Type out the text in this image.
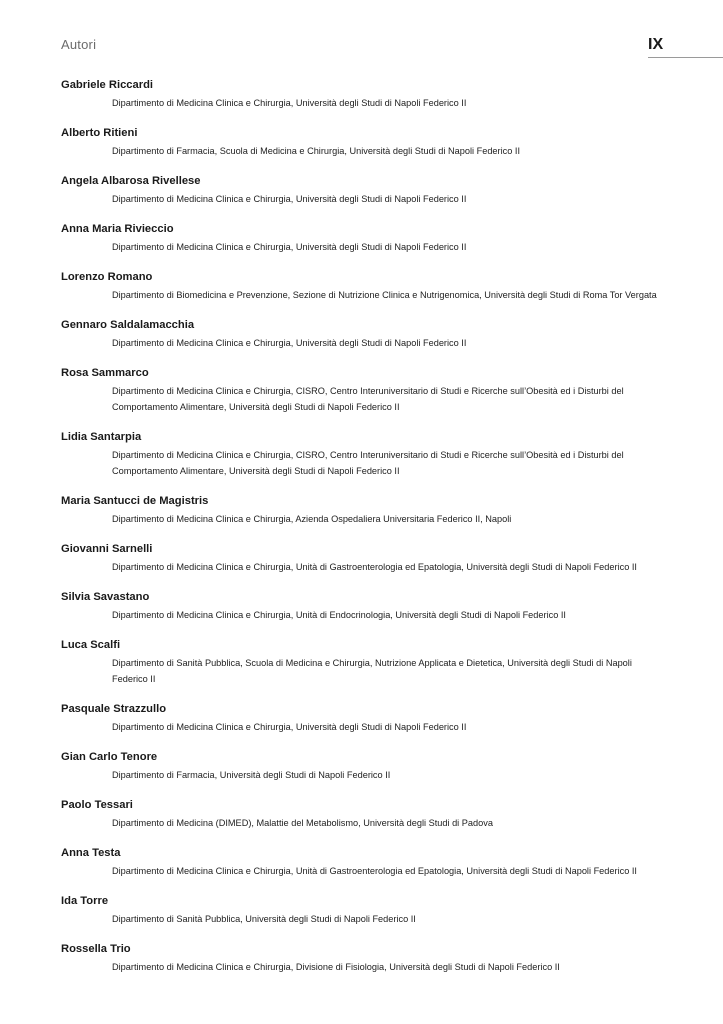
Autori	IX
Gabriele Riccardi
Dipartimento di Medicina Clinica e Chirurgia, Università degli Studi di Napoli Federico II
Alberto Ritieni
Dipartimento di Farmacia, Scuola di Medicina e Chirurgia, Università degli Studi di Napoli Federico II
Angela Albarosa Rivellese
Dipartimento di Medicina Clinica e Chirurgia, Università degli Studi di Napoli Federico II
Anna Maria Rivieccio
Dipartimento di Medicina Clinica e Chirurgia, Università degli Studi di Napoli Federico II
Lorenzo Romano
Dipartimento di Biomedicina e Prevenzione, Sezione di Nutrizione Clinica e Nutrigenomica, Università degli Studi di Roma Tor Vergata
Gennaro Saldalamacchia
Dipartimento di Medicina Clinica e Chirurgia, Università degli Studi di Napoli Federico II
Rosa Sammarco
Dipartimento di Medicina Clinica e Chirurgia, CISRO, Centro Interuniversitario di Studi e Ricerche sull’Obesità ed i Disturbi del Comportamento Alimentare, Università degli Studi di Napoli Federico II
Lidia Santarpia
Dipartimento di Medicina Clinica e Chirurgia, CISRO, Centro Interuniversitario di Studi e Ricerche sull’Obesità ed i Disturbi del Comportamento Alimentare, Università degli Studi di Napoli Federico II
Maria Santucci de Magistris
Dipartimento di Medicina Clinica e Chirurgia, Azienda Ospedaliera Universitaria Federico II, Napoli
Giovanni Sarnelli
Dipartimento di Medicina Clinica e Chirurgia, Unità di Gastroenterologia ed Epatologia, Università degli Studi di Napoli Federico II
Silvia Savastano
Dipartimento di Medicina Clinica e Chirurgia, Unità di Endocrinologia, Università degli Studi di Napoli Federico II
Luca Scalfi
Dipartimento di Sanità Pubblica, Scuola di Medicina e Chirurgia, Nutrizione Applicata e Dietetica, Università degli Studi di Napoli Federico II
Pasquale Strazzullo
Dipartimento di Medicina Clinica e Chirurgia, Università degli Studi di Napoli Federico II
Gian Carlo Tenore
Dipartimento di Farmacia, Università degli Studi di Napoli Federico II
Paolo Tessari
Dipartimento di Medicina (DIMED), Malattie del Metabolismo, Università degli Studi di Padova
Anna Testa
Dipartimento di Medicina Clinica e Chirurgia, Unità di Gastroenterologia ed Epatologia, Università degli Studi di Napoli Federico II
Ida Torre
Dipartimento di Sanità Pubblica, Università degli Studi di Napoli Federico II
Rossella Trio
Dipartimento di Medicina Clinica e Chirurgia, Divisione di Fisiologia, Università degli Studi di Napoli Federico II
